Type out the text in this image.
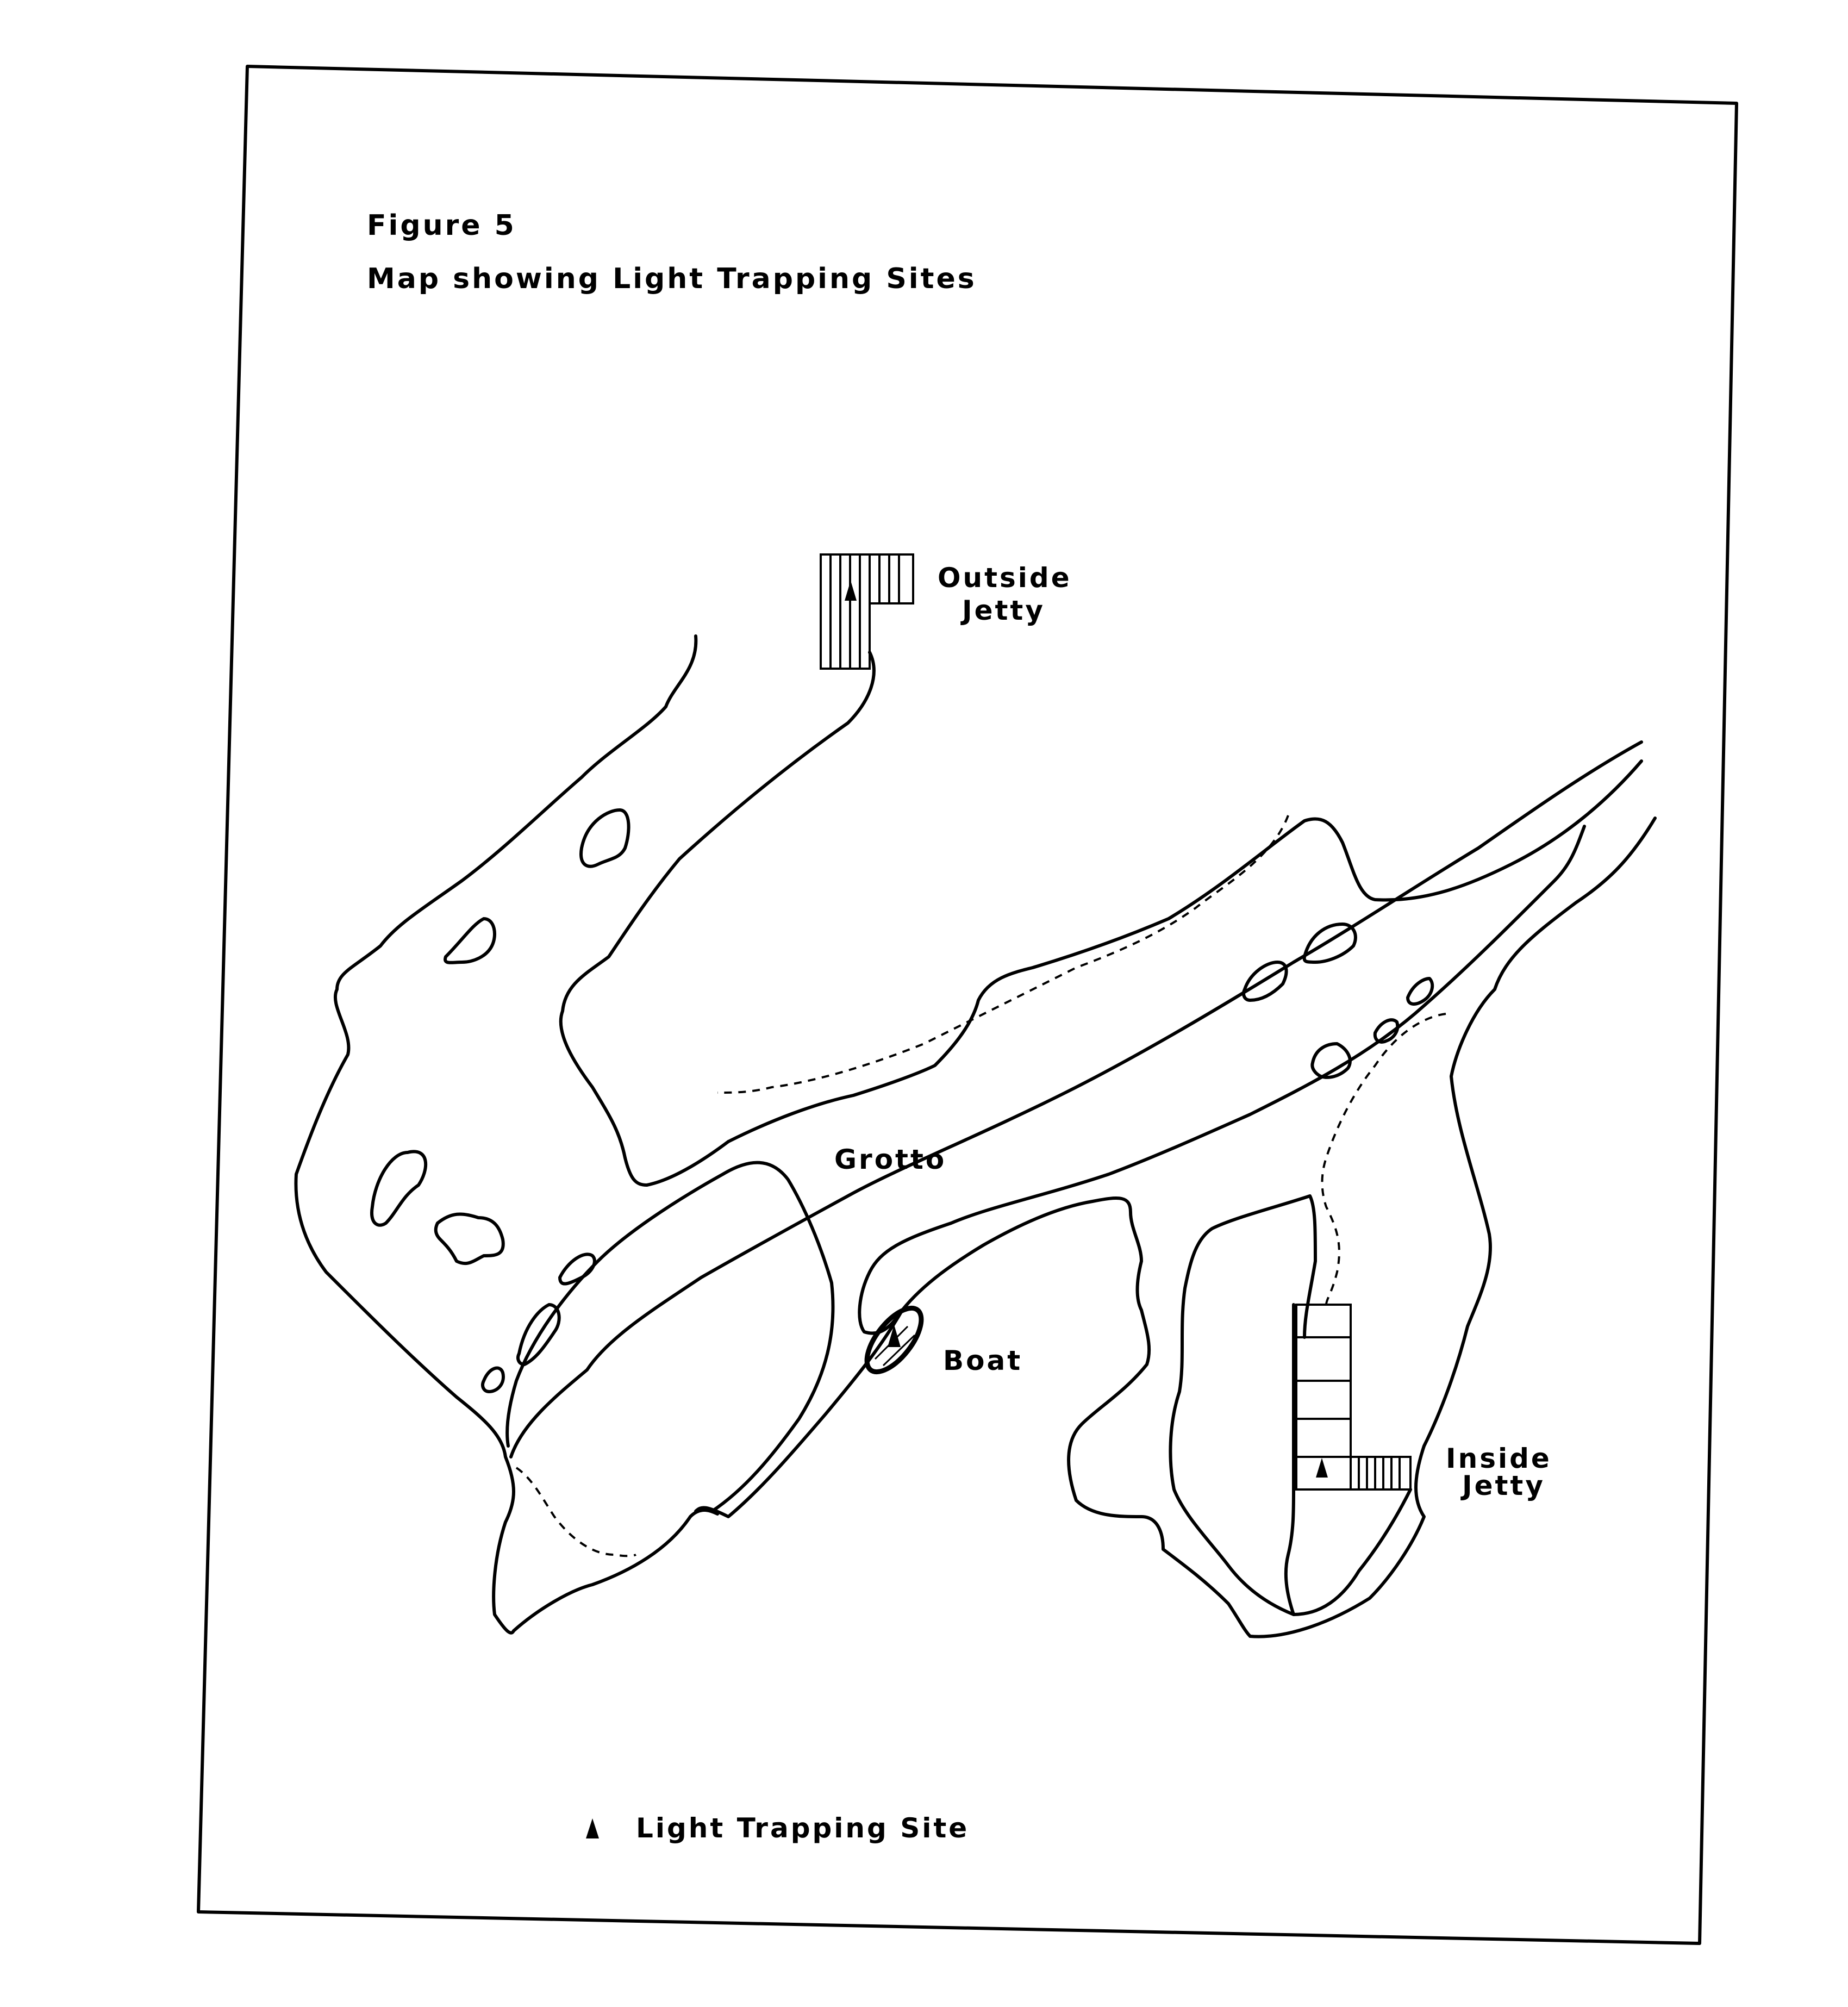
Figure 5
Map showing Light Trapping Sites
Outside
Jetty
Grotto
Boat
Inside
Jetty
Light Trapping Site
